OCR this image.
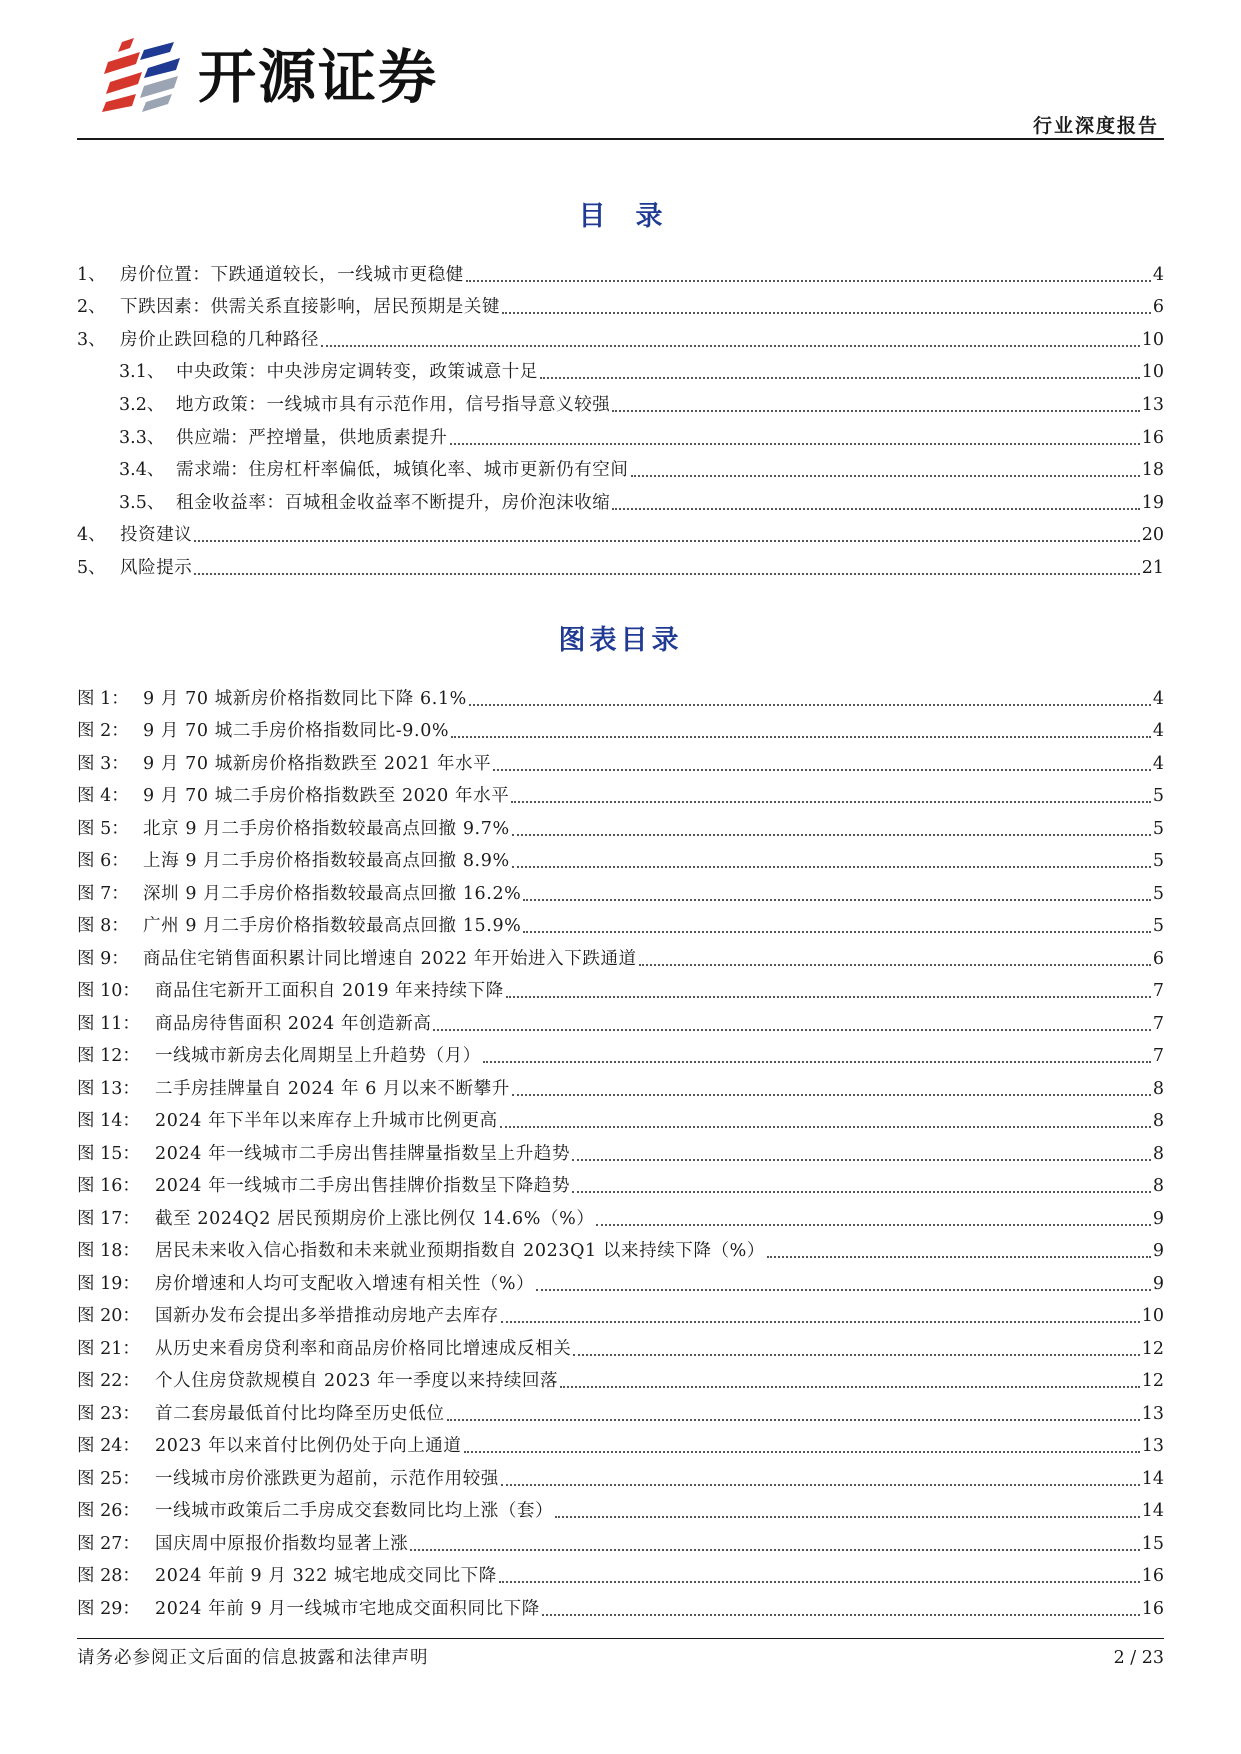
开源证券
行业深度报告
目录
1、 房价位置：下跌通道较长，一线城市更稳健	4
2、 下跌因素：供需关系直接影响，居民预期是关键	6
3、 房价止跌回稳的几种路径	10
3.1、 中央政策：中央涉房定调转变，政策诚意十足	10
3.2、 地方政策：一线城市具有示范作用，信号指导意义较强	13
3.3、 供应端：严控增量，供地质素提升	16
3.4、 需求端：住房杠杆率偏低，城镇化率、城市更新仍有空间	18
3.5、 租金收益率：百城租金收益率不断提升，房价泡沫收缩	19
4、 投资建议	20
5、 风险提示	21
图表目录
图 1： 9 月 70 城新房价格指数同比下降 6.1%	4
图 2： 9 月 70 城二手房价格指数同比-9.0%	4
图 3： 9 月 70 城新房价格指数跌至 2021 年水平	4
图 4： 9 月 70 城二手房价格指数跌至 2020 年水平	5
图 5： 北京 9 月二手房价格指数较最高点回撤 9.7%	5
图 6： 上海 9 月二手房价格指数较最高点回撤 8.9%	5
图 7： 深圳 9 月二手房价格指数较最高点回撤 16.2%	5
图 8： 广州 9 月二手房价格指数较最高点回撤 15.9%	5
图 9： 商品住宅销售面积累计同比增速自 2022 年开始进入下跌通道	6
图 10： 商品住宅新开工面积自 2019 年来持续下降	7
图 11： 商品房待售面积 2024 年创造新高	7
图 12： 一线城市新房去化周期呈上升趋势（月）	7
图 13： 二手房挂牌量自 2024 年 6 月以来不断攀升	8
图 14： 2024 年下半年以来库存上升城市比例更高	8
图 15： 2024 年一线城市二手房出售挂牌量指数呈上升趋势	8
图 16： 2024 年一线城市二手房出售挂牌价指数呈下降趋势	8
图 17： 截至 2024Q2 居民预期房价上涨比例仅 14.6%（%）	9
图 18： 居民未来收入信心指数和未来就业预期指数自 2023Q1 以来持续下降（%）	9
图 19： 房价增速和人均可支配收入增速有相关性（%）	9
图 20： 国新办发布会提出多举措推动房地产去库存	10
图 21： 从历史来看房贷利率和商品房价格同比增速成反相关	12
图 22： 个人住房贷款规模自 2023 年一季度以来持续回落	12
图 23： 首二套房最低首付比均降至历史低位	13
图 24： 2023 年以来首付比例仍处于向上通道	13
图 25： 一线城市房价涨跌更为超前，示范作用较强	14
图 26： 一线城市政策后二手房成交套数同比均上涨（套）	14
图 27： 国庆周中原报价指数均显著上涨	15
图 28： 2024 年前 9 月 322 城宅地成交同比下降	16
图 29： 2024 年前 9 月一线城市宅地成交面积同比下降	16
请务必参阅正文后面的信息披露和法律声明	2 / 23
